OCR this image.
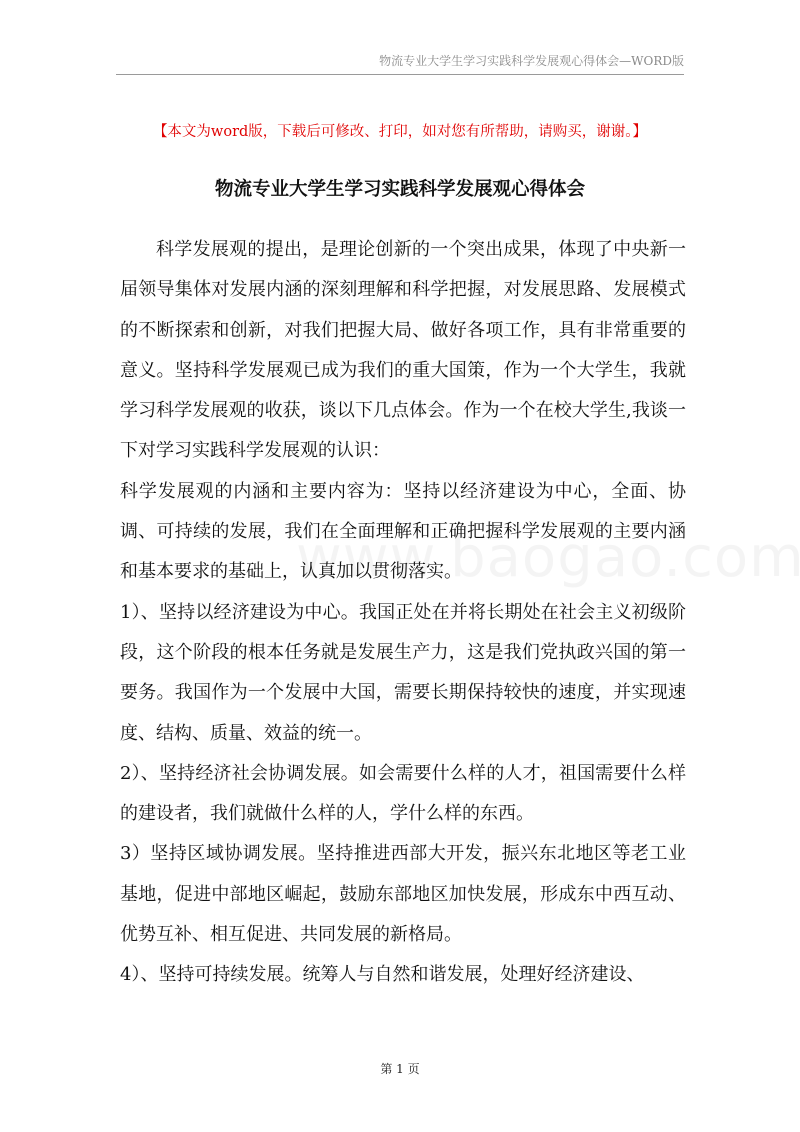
物流专业大学生学习实践科学发展观心得体会—WORD版
【本文为word版，下载后可修改、打印，如对您有所帮助，请购买，谢谢。】
物流专业大学生学习实践科学发展观心得体会

科学发展观的提出，是理论创新的一个突出成果，体现了中央新一届领导集体对发展内涵的深刻理解和科学把握，对发展思路、发展模式的不断探索和创新，对我们把握大局、做好各项工作，具有非常重要的意义。坚持科学发展观已成为我们的重大国策，作为一个大学生，我就学习科学发展观的收获，谈以下几点体会。作为一个在校大学生,我谈一下对学习实践科学发展观的认识：

科学发展观的内涵和主要内容为：坚持以经济建设为中心，全面、协调、可持续的发展，我们在全面理解和正确把握科学发展观的主要内涵和基本要求的基础上，认真加以贯彻落实。

1）、坚持以经济建设为中心。我国正处在并将长期处在社会主义初级阶段，这个阶段的根本任务就是发展生产力，这是我们党执政兴国的第一要务。我国作为一个发展中大国，需要长期保持较快的速度，并实现速度、结构、质量、效益的统一。

2）、坚持经济社会协调发展。如会需要什么样的人才，祖国需要什么样的建设者，我们就做什么样的人，学什么样的东西。

3）坚持区域协调发展。坚持推进西部大开发，振兴东北地区等老工业基地，促进中部地区崛起，鼓励东部地区加快发展，形成东中西互动、优势互补、相互促进、共同发展的新格局。

4）、坚持可持续发展。统筹人与自然和谐发展，处理好经济建设、

第 1 页
